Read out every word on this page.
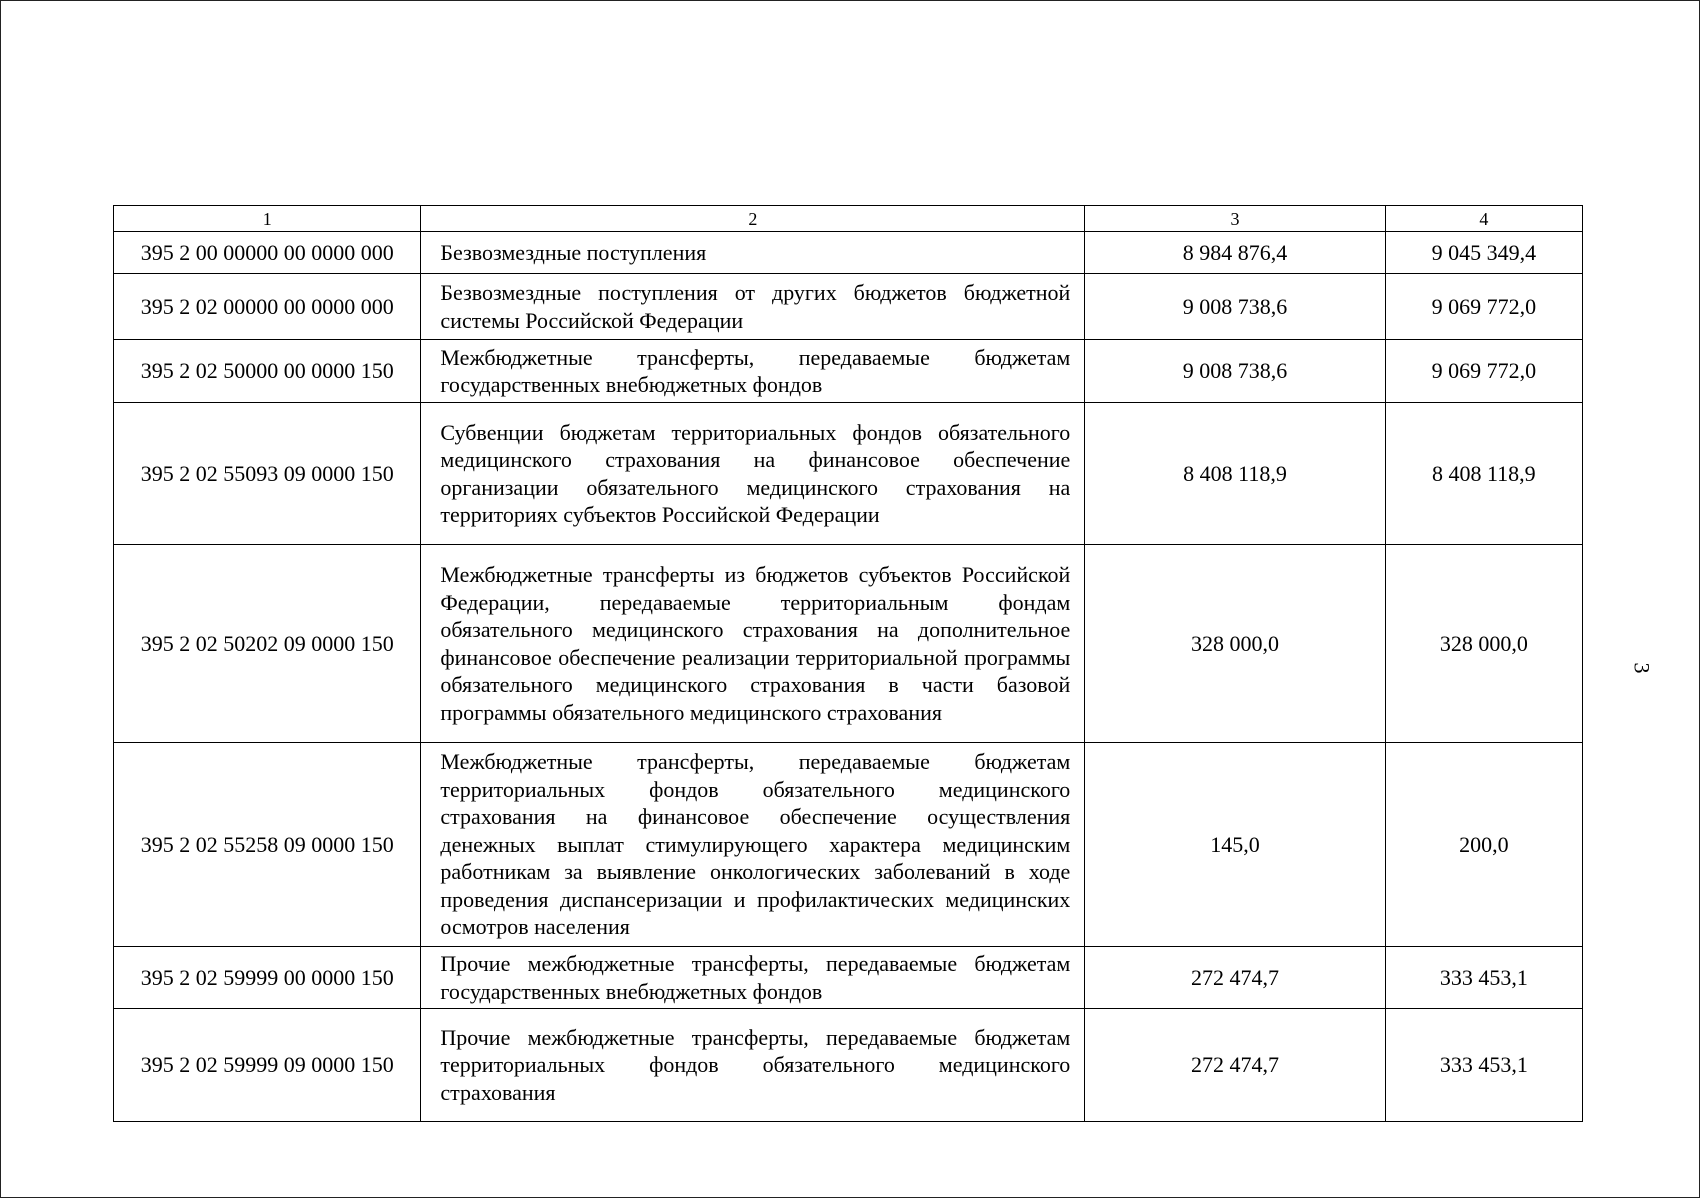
1	2	3	4
395 2 00 00000 00 0000 000	Безвозмездные поступления	8 984 876,4	9 045 349,4
395 2 02 00000 00 0000 000	Безвозмездные поступления от других бюджетов бюджетной системы Российской Федерации	9 008 738,6	9 069 772,0
395 2 02 50000 00 0000 150	Межбюджетные трансферты, передаваемые бюджетам государственных внебюджетных фондов	9 008 738,6	9 069 772,0
395 2 02 55093 09 0000 150	Субвенции бюджетам территориальных фондов обязательного медицинского страхования на финансовое обеспечение организации обязательного медицинского страхования на территориях субъектов Российской Федерации	8 408 118,9	8 408 118,9
395 2 02 50202 09 0000 150	Межбюджетные трансферты из бюджетов субъектов Российской Федерации, передаваемые территориальным фондам обязательного медицинского страхования на дополнительное финансовое обеспечение реализации территориальной программы обязательного медицинского страхования в части базовой программы обязательного медицинского страхования	328 000,0	328 000,0
395 2 02 55258 09 0000 150	Межбюджетные трансферты, передаваемые бюджетам территориальных фондов обязательного медицинского страхования на финансовое обеспечение осуществления денежных выплат стимулирующего характера медицинским работникам за выявление онкологических заболеваний в ходе проведения диспансеризации и профилактических медицинских осмотров населения	145,0	200,0
395 2 02 59999 00 0000 150	Прочие межбюджетные трансферты, передаваемые бюджетам государственных внебюджетных фондов	272 474,7	333 453,1
395 2 02 59999 09 0000 150	Прочие межбюджетные трансферты, передаваемые бюджетам территориальных фондов обязательного медицинского страхования	272 474,7	333 453,1
3
